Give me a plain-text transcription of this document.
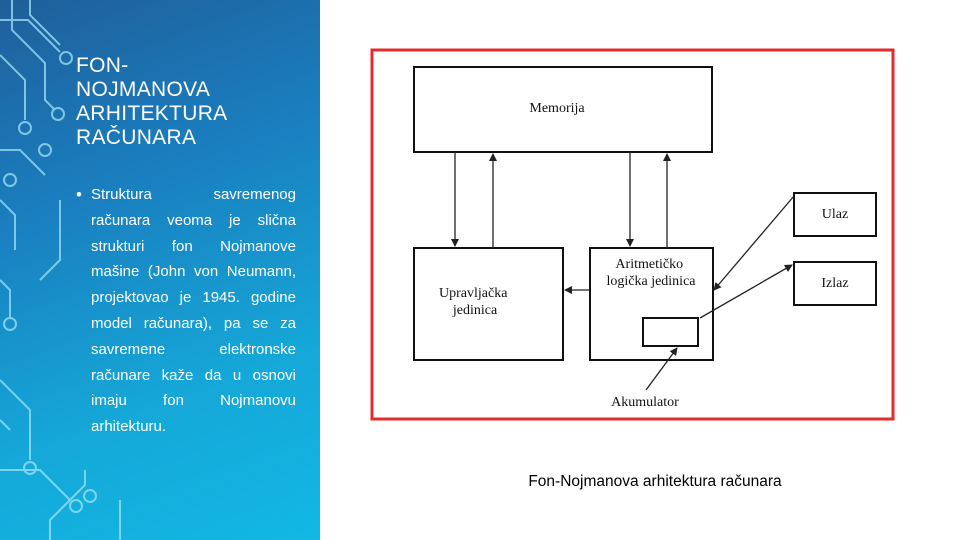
FON-
NOJMANOVA
ARHITEKTURA
RAČUNARA
• Struktura savremenog računara veoma je slična strukturi fon Nojmanove mašine (John von Neumann, projektovao je 1945. godine model računara), pa se za savremene elektronske računare kaže da u osnovi imaju fon Nojmanovu arhitekturu.
Memorija
Upravljačka jedinica
Aritmetičko logička jedinica
Ulaz
Izlaz
Akumulator
Fon-Nojmanova arhitektura računara
